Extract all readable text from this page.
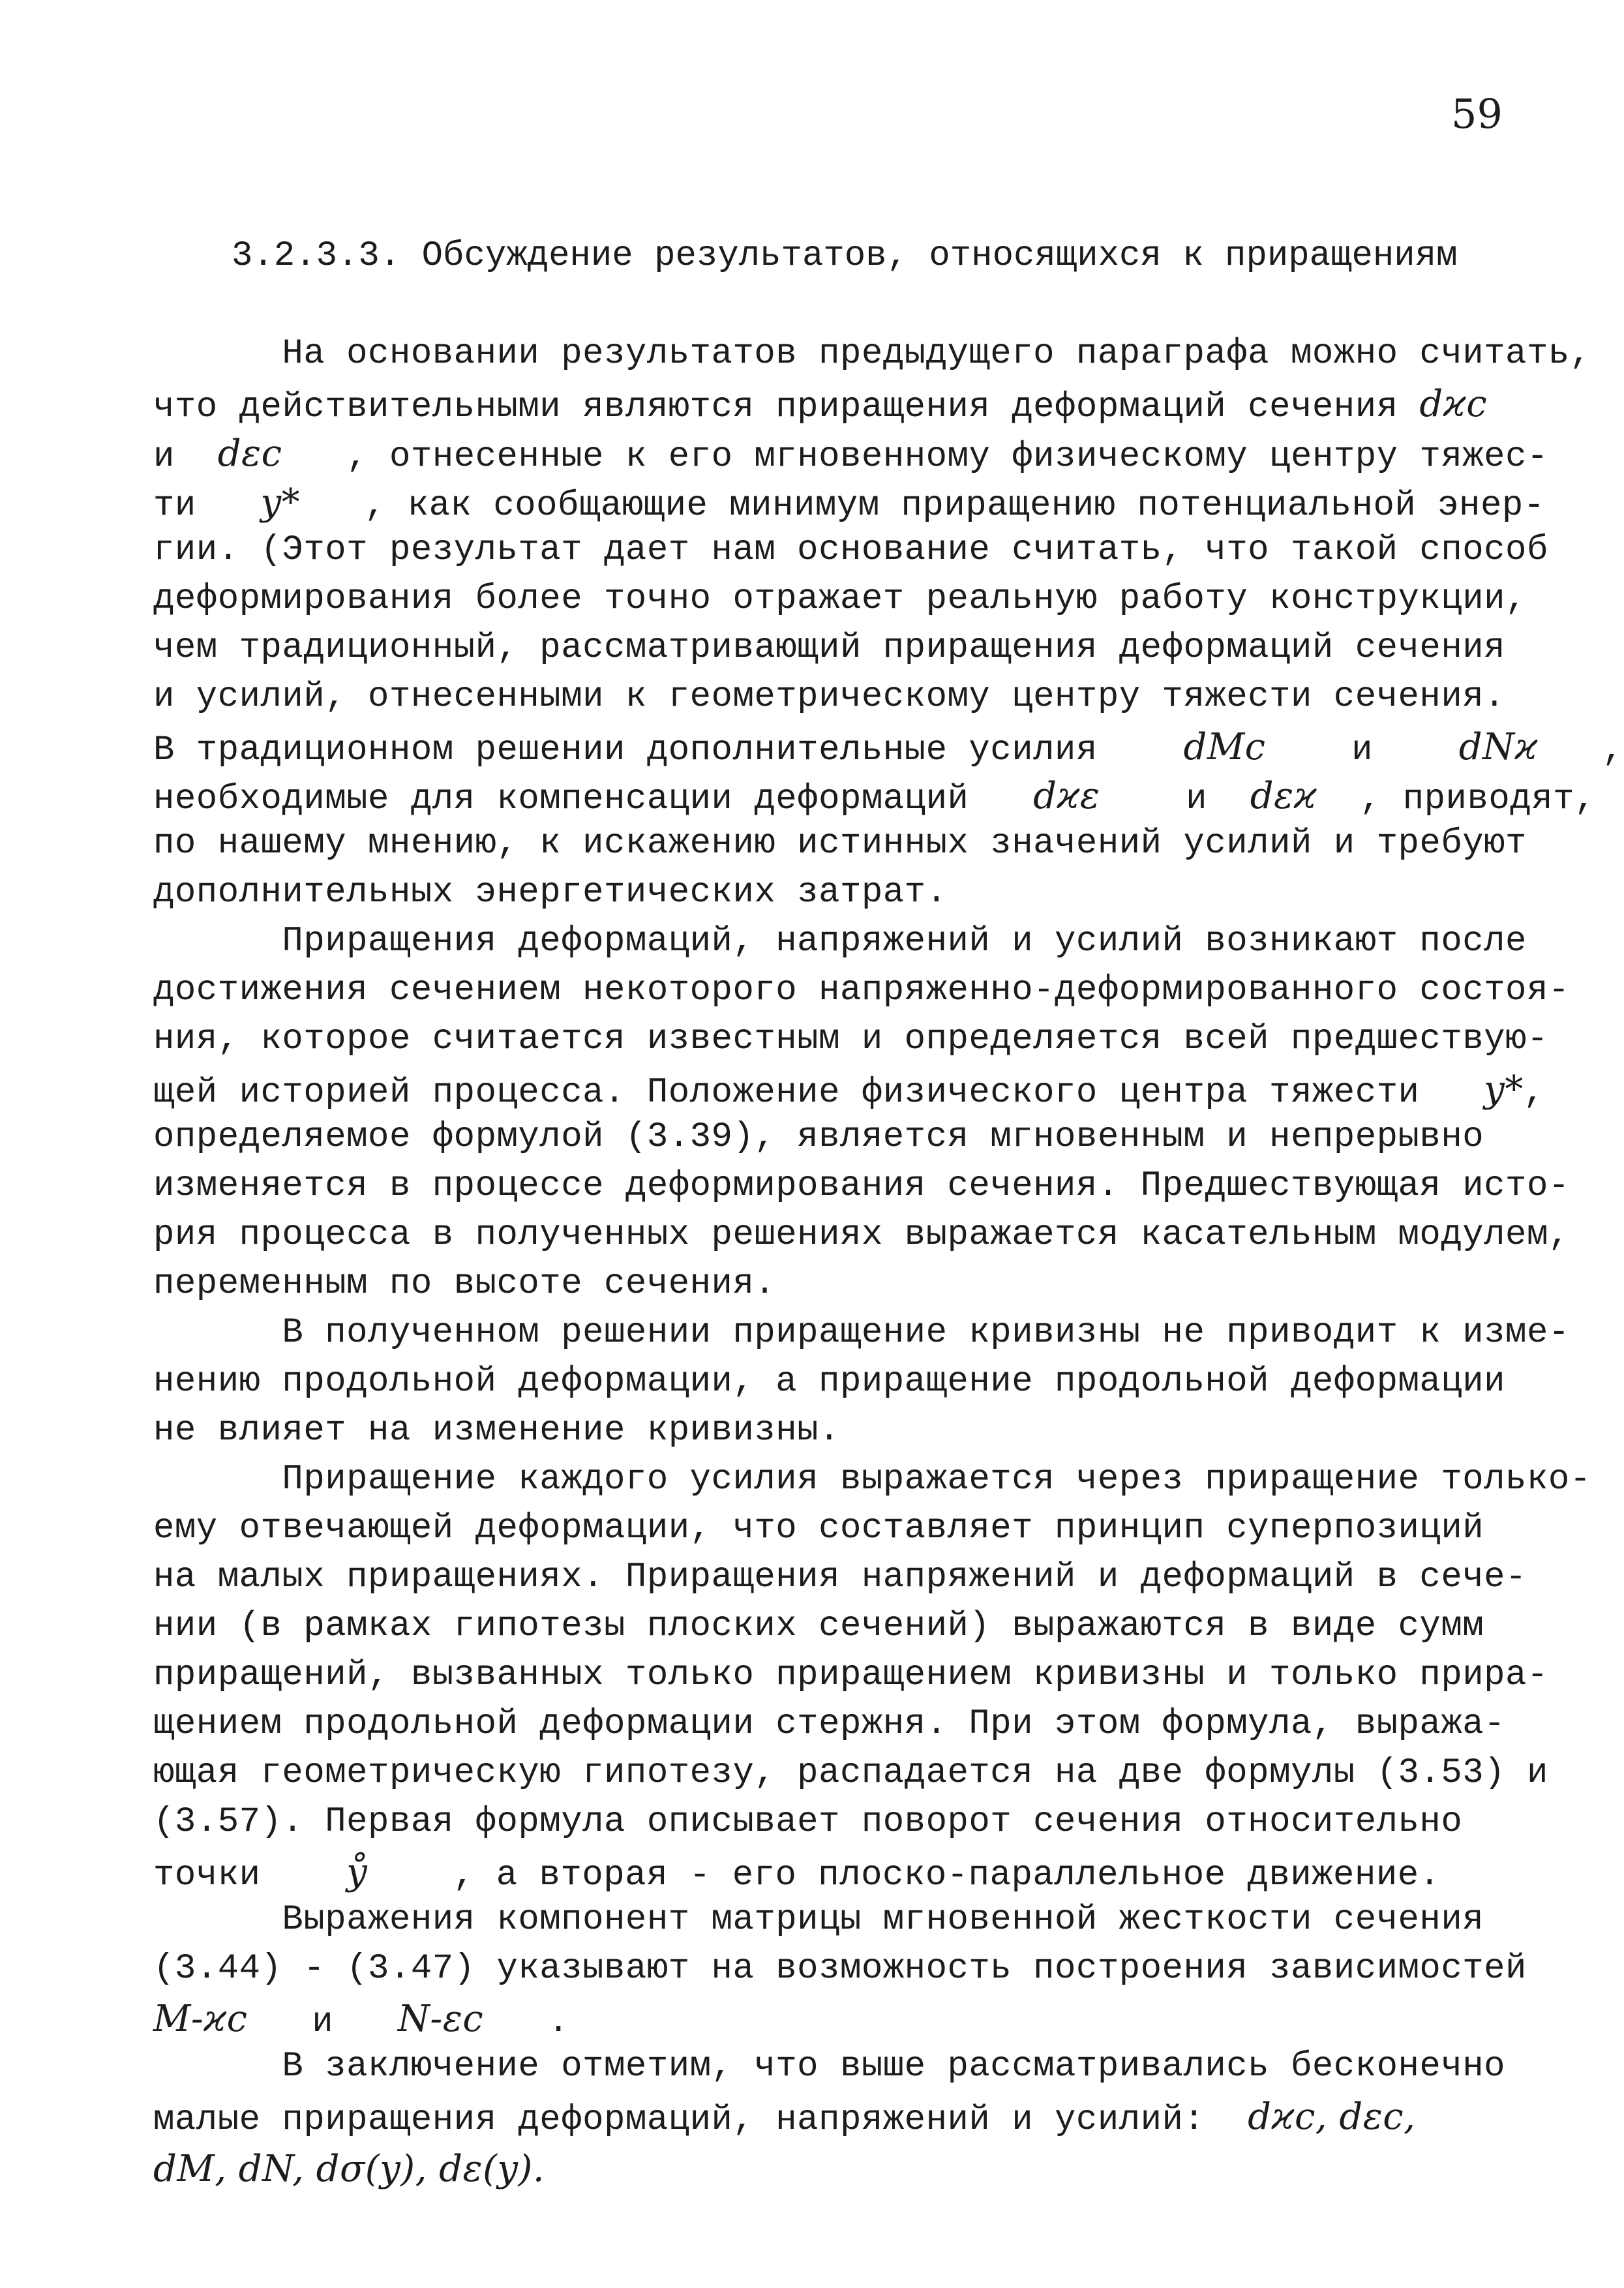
59
3.2.3.3. Обсуждение результатов, относящихся к приращениям
На основании результатов предыдущего параграфа можно считать,
что действительными являются приращения деформаций сечения dϰc
и dεc , отнесенные к его мгновенному физическому центру тяжес-
ти y* , как сообщающие минимум приращению потенциальной энер-
гии. (Этот результат дает нам основание считать, что такой способ
деформирования более точно отражает реальную работу конструкции,
чем традиционный, рассматривающий приращения деформаций сечения
и усилий, отнесенными к геометрическому центру тяжести сечения.
В традиционном решении дополнительные усилия dMc и dNϰ ,
необходимые для компенсации деформаций dϰε и dεϰ , приводят,
по нашему мнению, к искажению истинных значений усилий и требуют
дополнительных энергетических затрат.
Приращения деформаций, напряжений и усилий возникают после
достижения сечением некоторого напряженно-деформированного состоя-
ния, которое считается известным и определяется всей предшествую-
щей историей процесса. Положение физического центра тяжести y*,
определяемое формулой (3.39), является мгновенным и непрерывно
изменяется в процессе деформирования сечения. Предшествующая исто-
рия процесса в полученных решениях выражается касательным модулем,
переменным по высоте сечения.
В полученном решении приращение кривизны не приводит к изме-
нению продольной деформации, а приращение продольной деформации
не влияет на изменение кривизны.
Приращение каждого усилия выражается через приращение только-
ему отвечающей деформации, что составляет принцип суперпозиций
на малых приращениях. Приращения напряжений и деформаций в сече-
нии (в рамках гипотезы плоских сечений) выражаются в виде сумм
приращений, вызванных только приращением кривизны и только прира-
щением продольной деформации стержня. При этом формула, выража-
ющая геометрическую гипотезу, распадается на две формулы (3.53) и
(3.57). Первая формула описывает поворот сечения относительно
точки ẙ , а вторая - его плоско-параллельное движение.
Выражения компонент матрицы мгновенной жесткости сечения
(3.44) - (3.47) указывают на возможность построения зависимостей
M-ϰc и N-εc .
В заключение отметим, что выше рассматривались бесконечно
малые приращения деформаций, напряжений и усилий: dϰc, dεc,
dM, dN, dσ(y), dε(y).
